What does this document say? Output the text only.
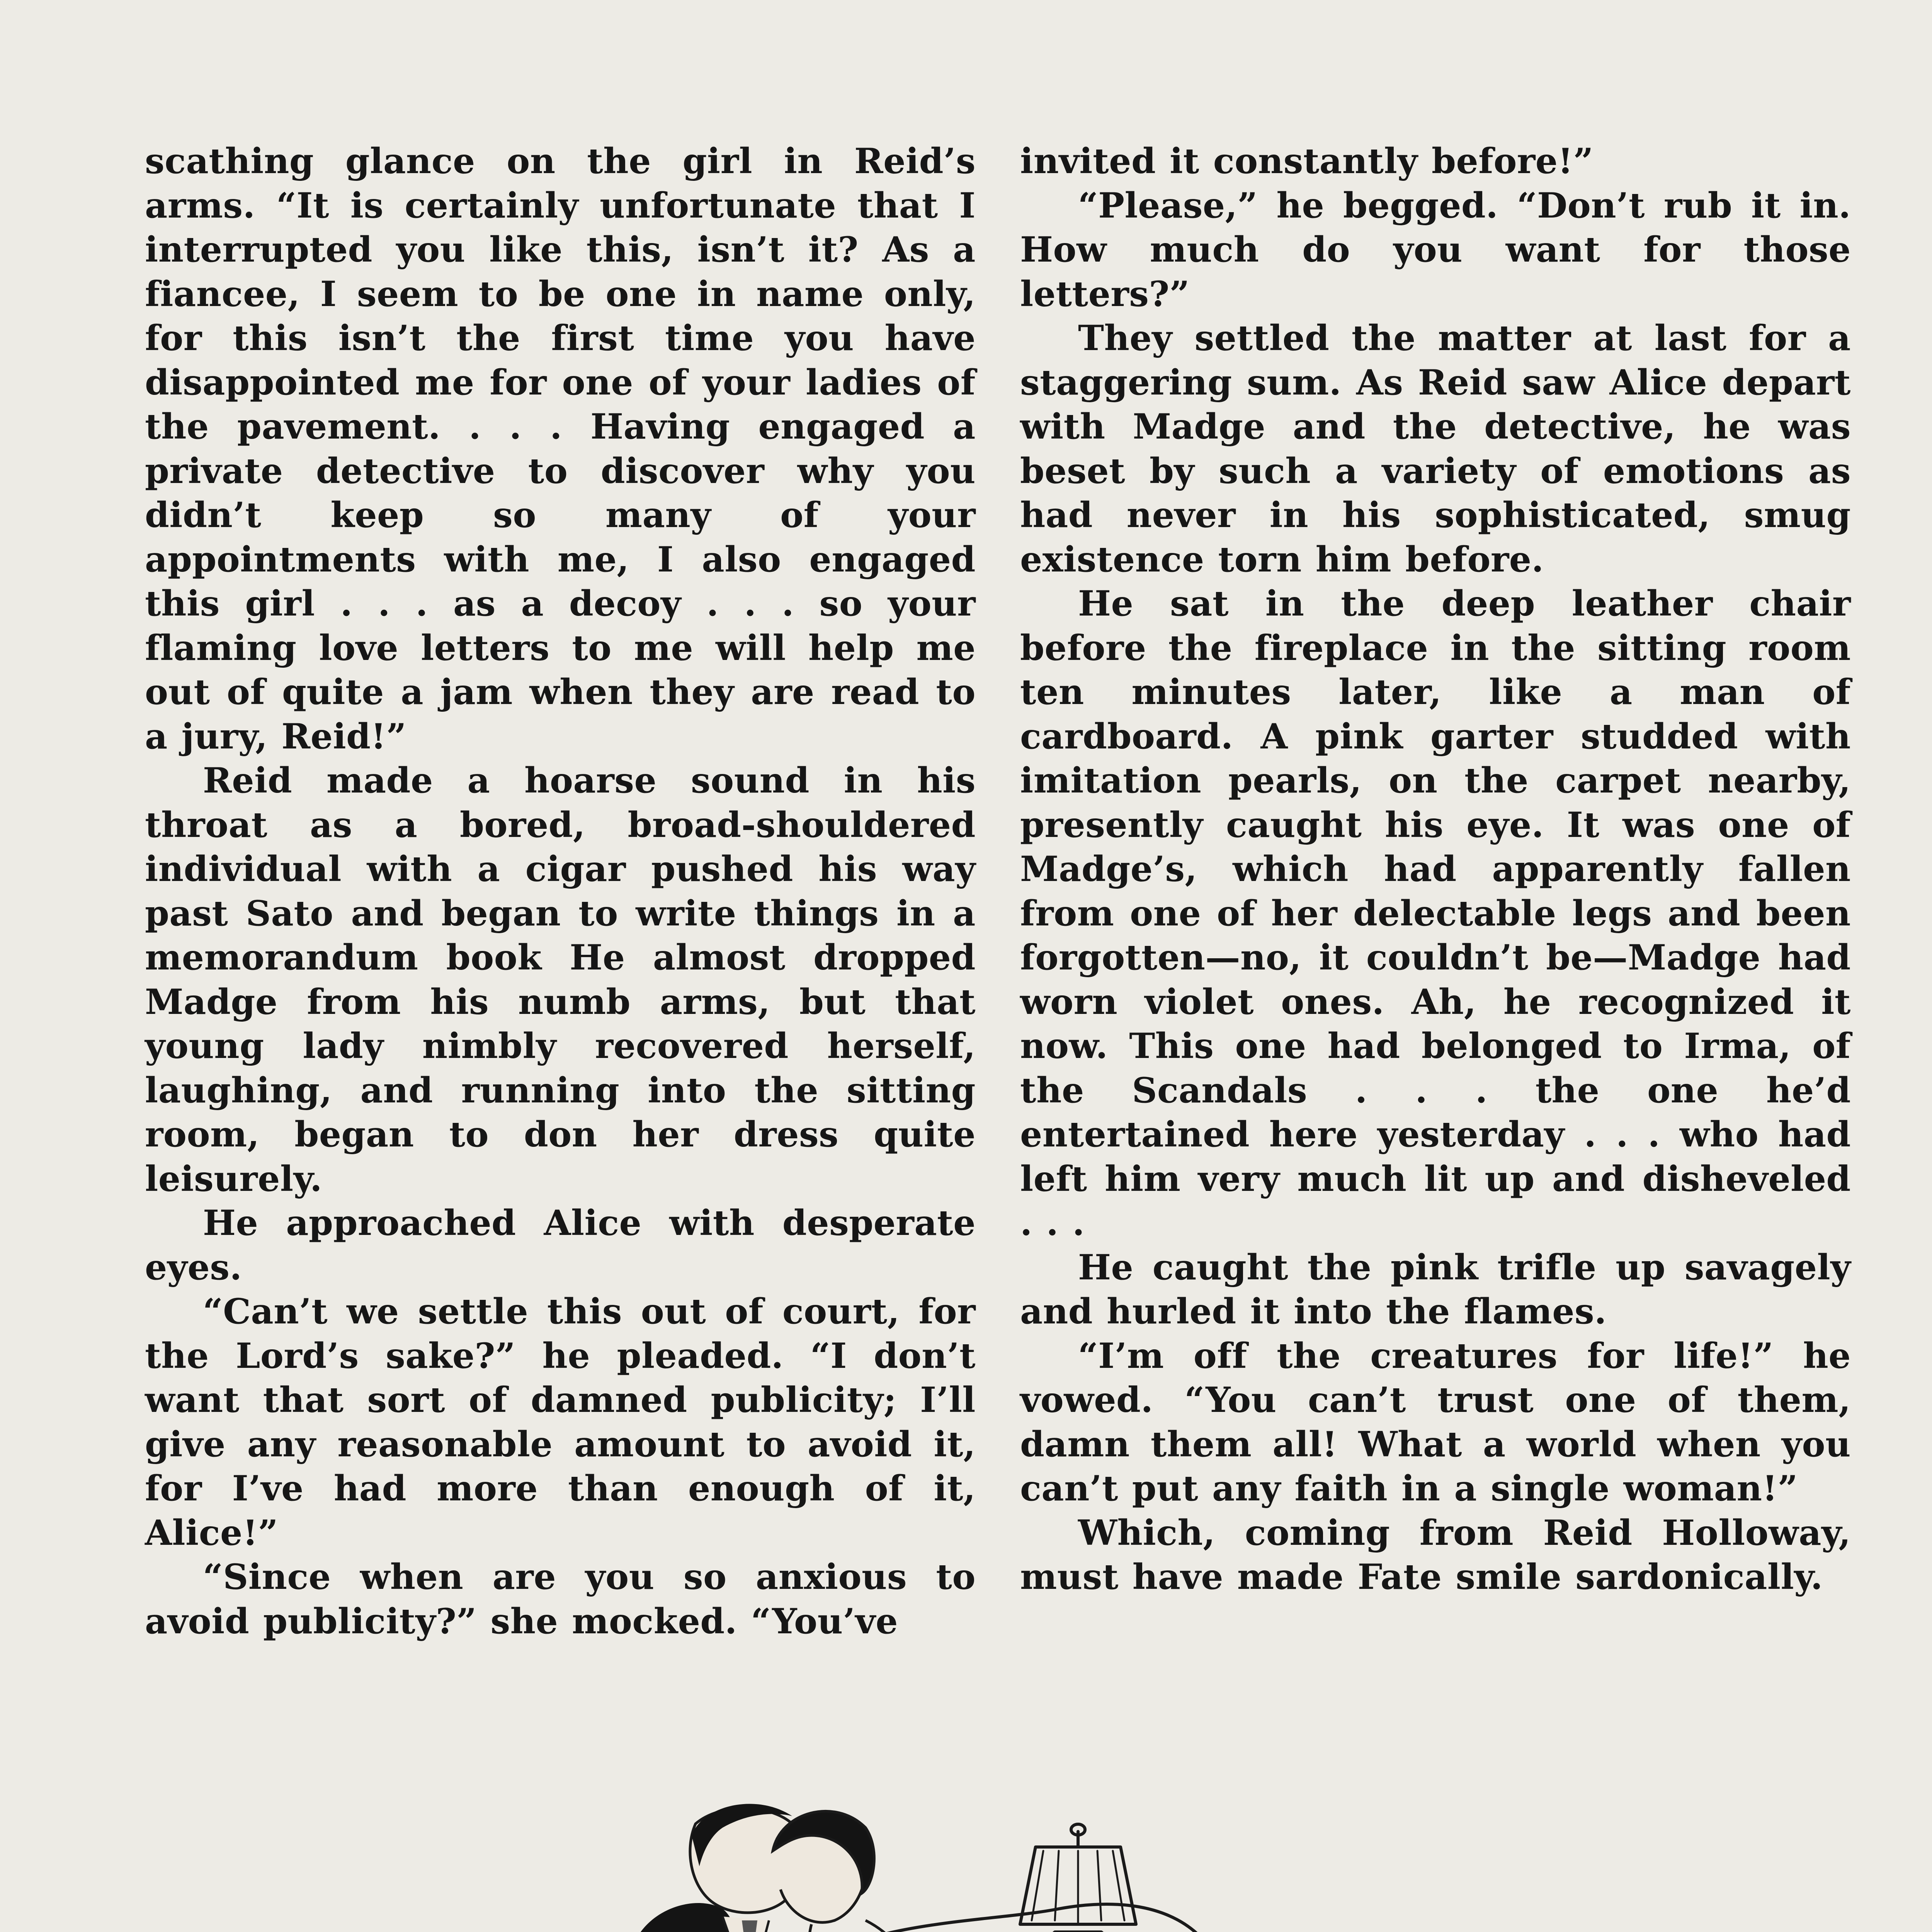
scathing glance on the girl in Reid’s arms. “It is certainly unfortunate that I interrupted you like this, isn’t it? As a fiancee, I seem to be one in name only, for this isn’t the first time you have disappointed me for one of your ladies of the pavement. . . . Having engaged a private detective to discover why you didn’t keep so many of your appointments with me, I also engaged this girl . . . as a decoy . . . so your flaming love letters to me will help me out of quite a jam when they are read to a jury, Reid!”

Reid made a hoarse sound in his throat as a bored, broad-shouldered individual with a cigar pushed his way past Sato and began to write things in a memorandum book He almost dropped Madge from his numb arms, but that young lady nimbly recovered herself, laughing, and running into the sitting room, began to don her dress quite leisurely.

He approached Alice with desperate eyes.

“Can’t we settle this out of court, for the Lord’s sake?” he pleaded. “I don’t want that sort of damned publicity; I’ll give any reasonable amount to avoid it, for I’ve had more than enough of it, Alice!”

“Since when are you so anxious to avoid publicity?” she mocked. “You’ve

invited it constantly before!”

“Please,” he begged. “Don’t rub it in. How much do you want for those letters?”

They settled the matter at last for a staggering sum. As Reid saw Alice depart with Madge and the detective, he was beset by such a variety of emotions as had never in his sophisticated, smug existence torn him before.

He sat in the deep leather chair before the fireplace in the sitting room ten minutes later, like a man of cardboard. A pink garter studded with imitation pearls, on the carpet nearby, presently caught his eye. It was one of Madge’s, which had apparently fallen from one of her delectable legs and been forgotten—no, it couldn’t be—Madge had worn violet ones. Ah, he recognized it now. This one had belonged to Irma, of the Scandals . . . the one he’d entertained here yesterday . . . who had left him very much lit up and disheveled . . .

He caught the pink trifle up savagely and hurled it into the flames.

“I’m off the creatures for life!” he vowed. “You can’t trust one of them, damn them all! What a world when you can’t put any faith in a single woman!”

Which, coming from Reid Holloway, must have made Fate smile sardonically.
